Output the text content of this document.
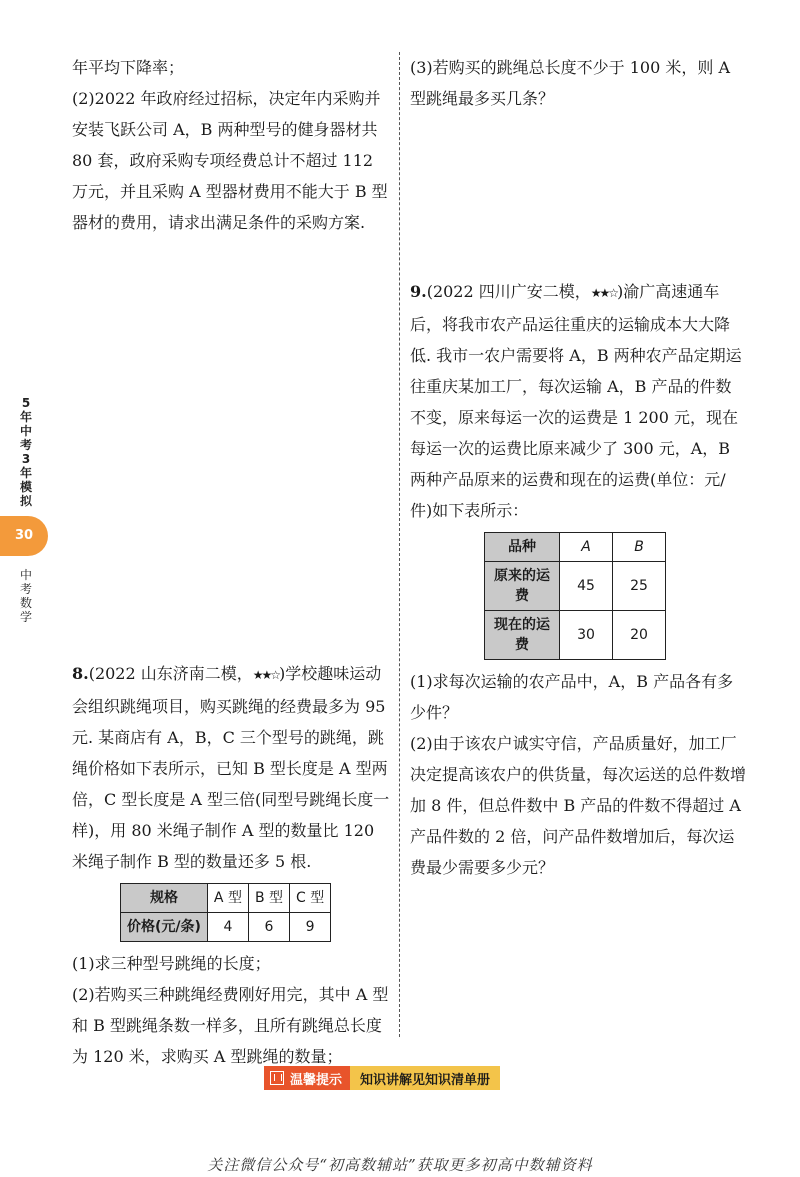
年平均下降率；

(2)2022 年政府经过招标，决定年内采购并安装飞跃公司 A，B 两种型号的健身器材共 80 套，政府采购专项经费总计不超过 112 万元，并且采购 A 型器材费用不能大于 B 型器材的费用，请求出满足条件的采购方案.

8.(2022 山东济南二模，★★☆)学校趣味运动会组织跳绳项目，购买跳绳的经费最多为 95 元. 某商店有 A，B，C 三个型号的跳绳，跳绳价格如下表所示，已知 B 型长度是 A 型两倍，C 型长度是 A 型三倍(同型号跳绳长度一样)，用 80 米绳子制作 A 型的数量比 120 米绳子制作 B 型的数量还多 5 根.

规格	A 型	B 型	C 型
价格(元/条)	4	6	9

(1)求三种型号跳绳的长度；

(2)若购买三种跳绳经费刚好用完，其中 A 型和 B 型跳绳条数一样多，且所有跳绳总长度为 120 米，求购买 A 型跳绳的数量；

(3)若购买的跳绳总长度不少于 100 米，则 A 型跳绳最多买几条？

9.(2022 四川广安二模，★★☆)渝广高速通车后，将我市农产品运往重庆的运输成本大大降低. 我市一农户需要将 A，B 两种农产品定期运往重庆某加工厂，每次运输 A，B 产品的件数不变，原来每运一次的运费是 1 200 元，现在每运一次的运费比原来减少了 300 元，A，B 两种产品原来的运费和现在的运费(单位：元/件)如下表所示：

品种	A	B
原来的运费	45	25
现在的运费	30	20

(1)求每次运输的农产品中，A，B 产品各有多少件？

(2)由于该农户诚实守信，产品质量好，加工厂决定提高该农户的供货量，每次运送的总件数增加 8 件，但总件数中 B 产品的件数不得超过 A 产品件数的 2 倍，问产品件数增加后，每次运费最少需要多少元？

5年中考3年模拟
30
中考数学
温馨提示	知识讲解见知识清单册
关注微信公众号“初高数辅站”获取更多初高中数辅资料
